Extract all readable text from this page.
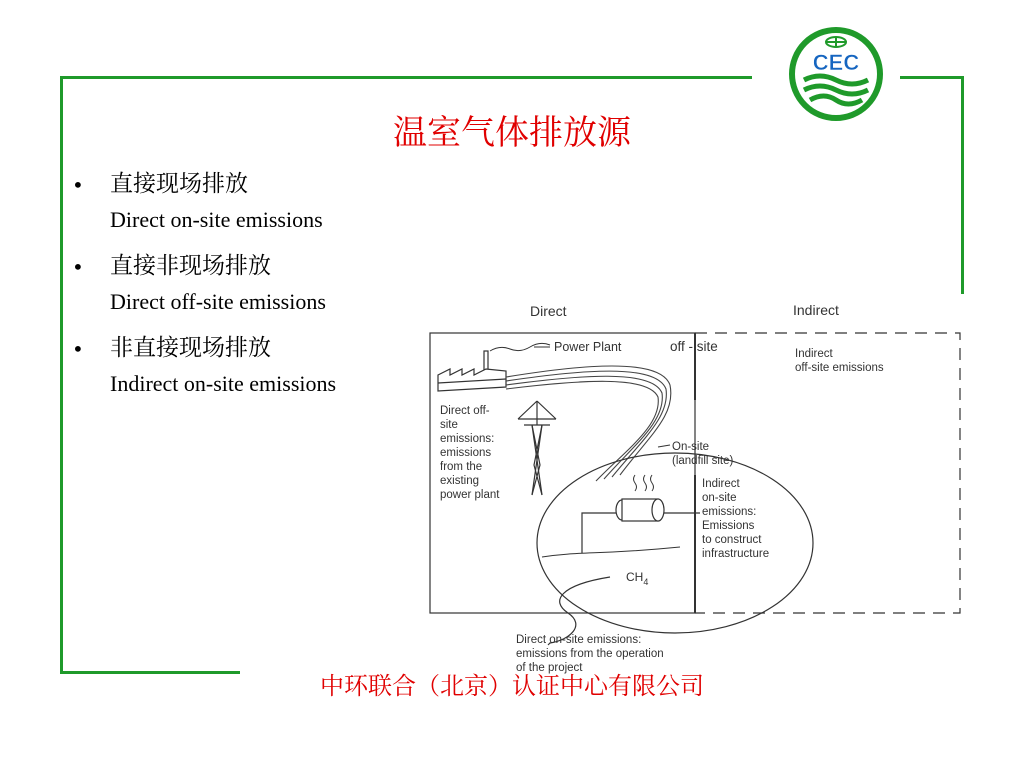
CEC
温室气体排放源
• 直接现场排放
Direct on-site emissions
• 直接非现场排放
Direct off-site emissions
• 非直接现场排放
Indirect on-site emissions
Direct	Indirect
Power Plant	off - site
Direct off-
site
emissions:
emissions
from the
existing
power plant
Indirect
off-site emissions
On-site
(landfill site)
Indirect
on-site
emissions:
Emissions
to construct
infrastructure
$CH_4$
Direct on-site emissions:
emissions from the operation
of the project
中环联合（北京）认证中心有限公司
